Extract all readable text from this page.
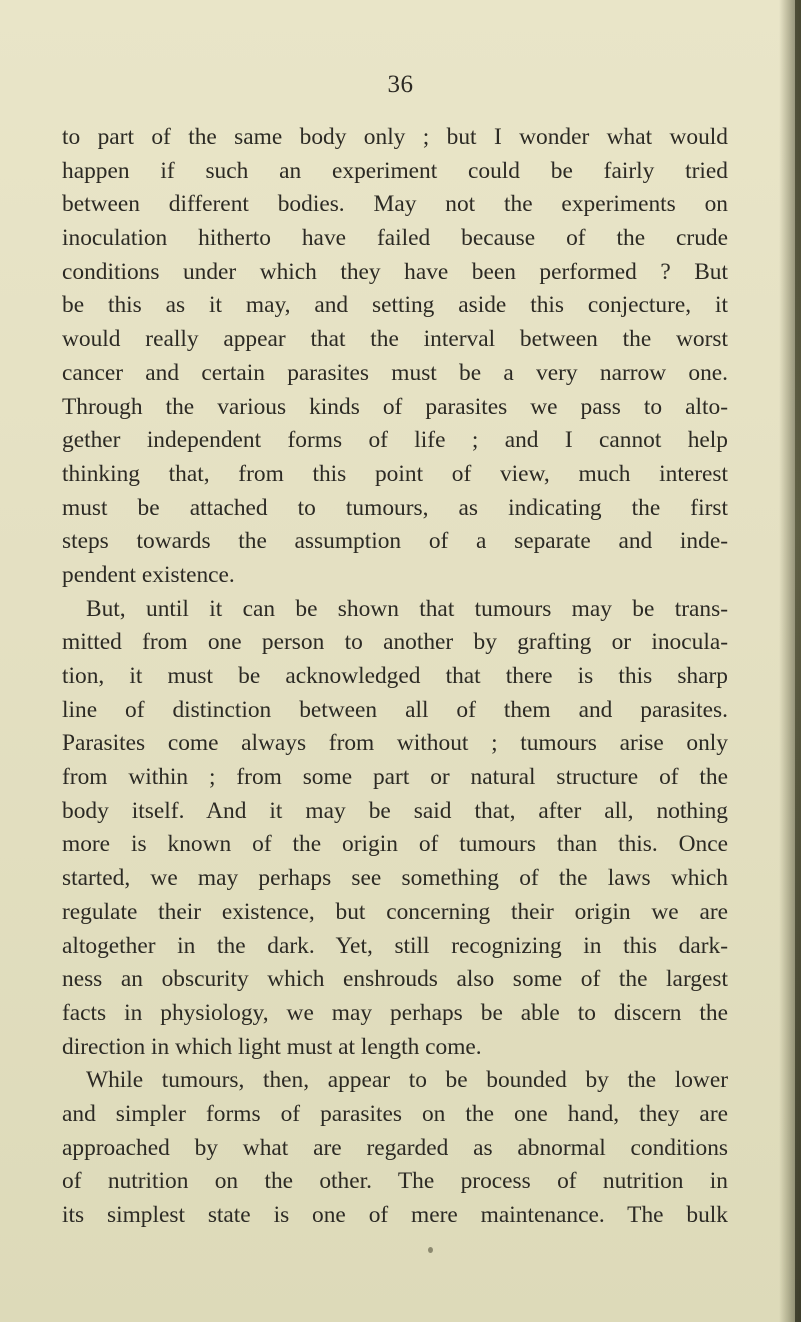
36
to part of the same body only ; but I wonder what would
happen if such an experiment could be fairly tried
between different bodies. May not the experiments on
inoculation hitherto have failed because of the crude
conditions under which they have been performed ? But
be this as it may, and setting aside this conjecture, it
would really appear that the interval between the worst
cancer and certain parasites must be a very narrow one.
Through the various kinds of parasites we pass to alto-
gether independent forms of life ; and I cannot help
thinking that, from this point of view, much interest
must be attached to tumours, as indicating the first
steps towards the assumption of a separate and inde-
pendent existence.
But, until it can be shown that tumours may be trans-
mitted from one person to another by grafting or inocula-
tion, it must be acknowledged that there is this sharp
line of distinction between all of them and parasites.
Parasites come always from without ; tumours arise only
from within ; from some part or natural structure of the
body itself. And it may be said that, after all, nothing
more is known of the origin of tumours than this. Once
started, we may perhaps see something of the laws which
regulate their existence, but concerning their origin we are
altogether in the dark. Yet, still recognizing in this dark-
ness an obscurity which enshrouds also some of the largest
facts in physiology, we may perhaps be able to discern the
direction in which light must at length come.
While tumours, then, appear to be bounded by the lower
and simpler forms of parasites on the one hand, they are
approached by what are regarded as abnormal conditions
of nutrition on the other. The process of nutrition in
its simplest state is one of mere maintenance. The bulk
